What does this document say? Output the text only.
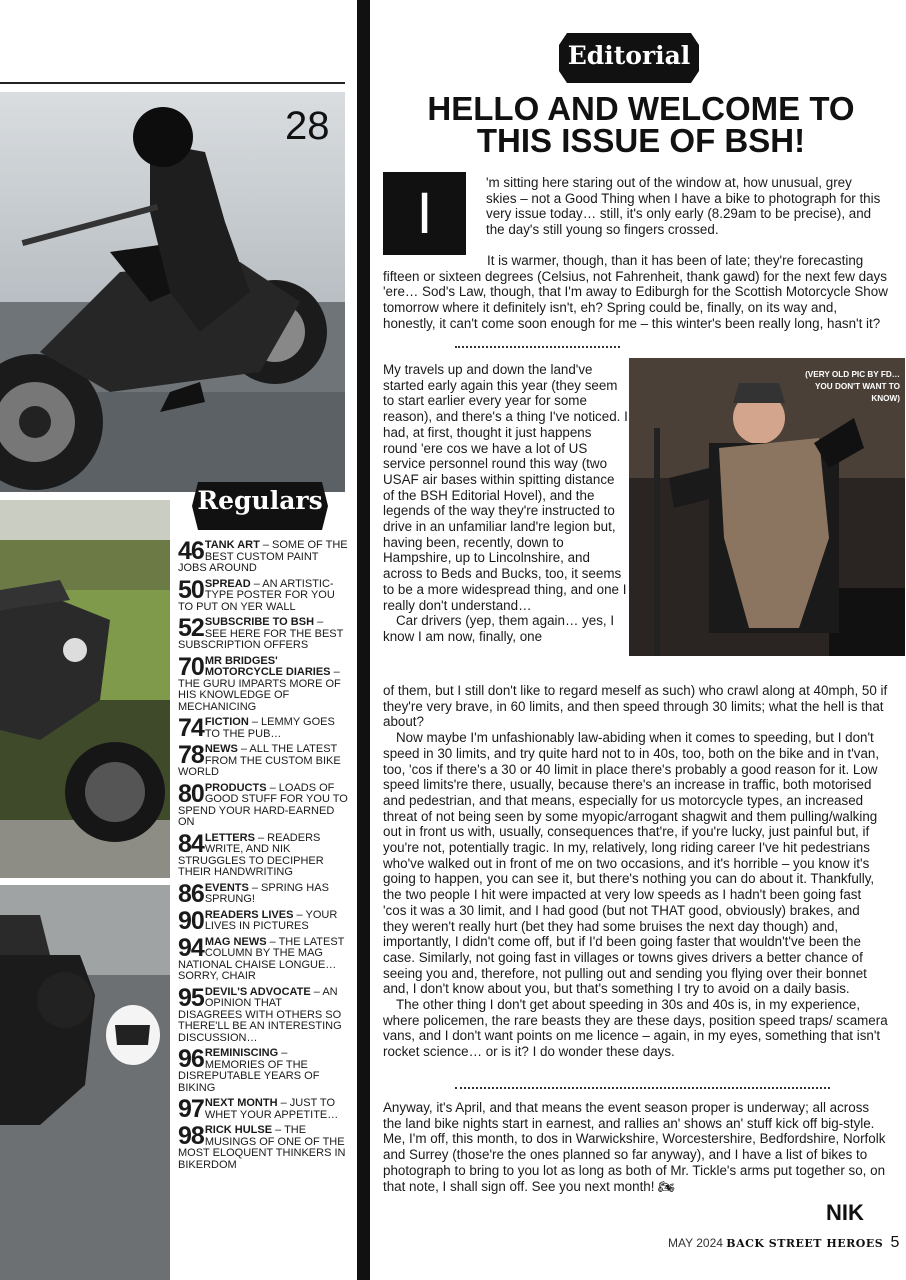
28
Regulars
46 TANK ART – SOME OF THE BEST CUSTOM PAINT JOBS AROUND
50 SPREAD – AN ARTISTIC-TYPE POSTER FOR YOU TO PUT ON YER WALL
52 SUBSCRIBE TO BSH – SEE HERE FOR THE BEST SUBSCRIPTION OFFERS
70 MR BRIDGES' MOTORCYCLE DIARIES – THE GURU IMPARTS MORE OF HIS KNOWLEDGE OF MECHANICING
74 FICTION – LEMMY GOES TO THE PUB…
78 NEWS – ALL THE LATEST FROM THE CUSTOM BIKE WORLD
80 PRODUCTS – LOADS OF GOOD STUFF FOR YOU TO SPEND YOUR HARD-EARNED ON
84 LETTERS – READERS WRITE, AND NIK STRUGGLES TO DECIPHER THEIR HANDWRITING
86 EVENTS – SPRING HAS SPRUNG!
90 READERS LIVES – YOUR LIVES IN PICTURES
94 MAG NEWS – THE LATEST COLUMN BY THE MAG NATIONAL CHAISE LONGUE… SORRY, CHAIR
95 DEVIL'S ADVOCATE – AN OPINION THAT DISAGREES WITH OTHERS SO THERE'LL BE AN INTERESTING DISCUSSION…
96 REMINISCING – MEMORIES OF THE DISREPUTABLE YEARS OF BIKING
97 NEXT MONTH – JUST TO WHET YOUR APPETITE…
98 RICK HULSE – THE MUSINGS OF ONE OF THE MOST ELOQUENT THINKERS IN BIKERDOM
Editorial
HELLO AND WELCOME TO THIS ISSUE OF BSH!
I	'm sitting here staring out of the window at, how unusual, grey skies – not a Good Thing when I have a bike to photograph for this very issue today… still, it's only early (8.29am to be precise), and the day's still young so fingers crossed.

It is warmer, though, than it has been of late; they're forecasting fifteen or sixteen degrees (Celsius, not Fahrenheit, thank gawd) for the next few days 'ere… Sod's Law, though, that I'm away to Ediburgh for the Scottish Motorcycle Show tomorrow where it definitely isn't, eh? Spring could be, finally, on its way and, honestly, it can't come soon enough for me – this winter's been really long, hasn't it?

My travels up and down the land've started early again this year (they seem to start earlier every year for some reason), and there's a thing I've noticed. I had, at first, thought it just happens round 'ere cos we have a lot of US service personnel round this way (two USAF air bases within spitting distance of the BSH Editorial Hovel), and the legends of the way they're instructed to drive in an unfamiliar land're legion but, having been, recently, down to Hampshire, up to Lincolnshire, and across to Beds and Bucks, too, it seems to be a more widespread thing, and one I really don't understand…

Car drivers (yep, them again… yes, I know I am now, finally, one

(VERY OLD PIC BY FD… YOU DON'T WANT TO KNOW)

of them, but I still don't like to regard meself as such) who crawl along at 40mph, 50 if they're very brave, in 60 limits, and then speed through 30 limits; what the hell is that about?

Now maybe I'm unfashionably law-abiding when it comes to speeding, but I don't speed in 30 limits, and try quite hard not to in 40s, too, both on the bike and in t'van, too, 'cos if there's a 30 or 40 limit in place there's probably a good reason for it. Low speed limits're there, usually, because there's an increase in traffic, both motorised and pedestrian, and that means, especially for us motorcycle types, an increased threat of not being seen by some myopic/arrogant shagwit and them pulling/walking out in front us with, usually, consequences that're, if you're lucky, just painful but, if you're not, potentially tragic. In my, relatively, long riding career I've hit pedestrians who've walked out in front of me on two occasions, and it's horrible – you know it's going to happen, you can see it, but there's nothing you can do about it. Thankfully, the two people I hit were impacted at very low speeds as I hadn't been going fast 'cos it was a 30 limit, and I had good (but not THAT good, obviously) brakes, and they weren't really hurt (bet they had some bruises the next day though) and, importantly, I didn't come off, but if I'd been going faster that wouldn't've been the case. Similarly, not going fast in villages or towns gives drivers a better chance of seeing you and, therefore, not pulling out and sending you flying over their bonnet and, I don't know about you, but that's something I try to avoid on a daily basis.

The other thing I don't get about speeding in 30s and 40s is, in my experience, where policemen, the rare beasts they are these days, position speed traps/ scamera vans, and I don't want points on me licence – again, in my eyes, something that isn't rocket science… or is it? I do wonder these days.

Anyway, it's April, and that means the event season proper is underway; all across the land bike nights start in earnest, and rallies an' shows an' stuff kick off big-style. Me, I'm off, this month, to dos in Warwickshire, Worcestershire, Bedfordshire, Norfolk and Surrey (those're the ones planned so far anyway), and I have a list of bikes to photograph to bring to you lot as long as both of Mr. Tickle's arms put together so, on that note, I shall sign off. See you next month! 🏍

NIK
MAY 2024 BACK STREET HEROES 5
